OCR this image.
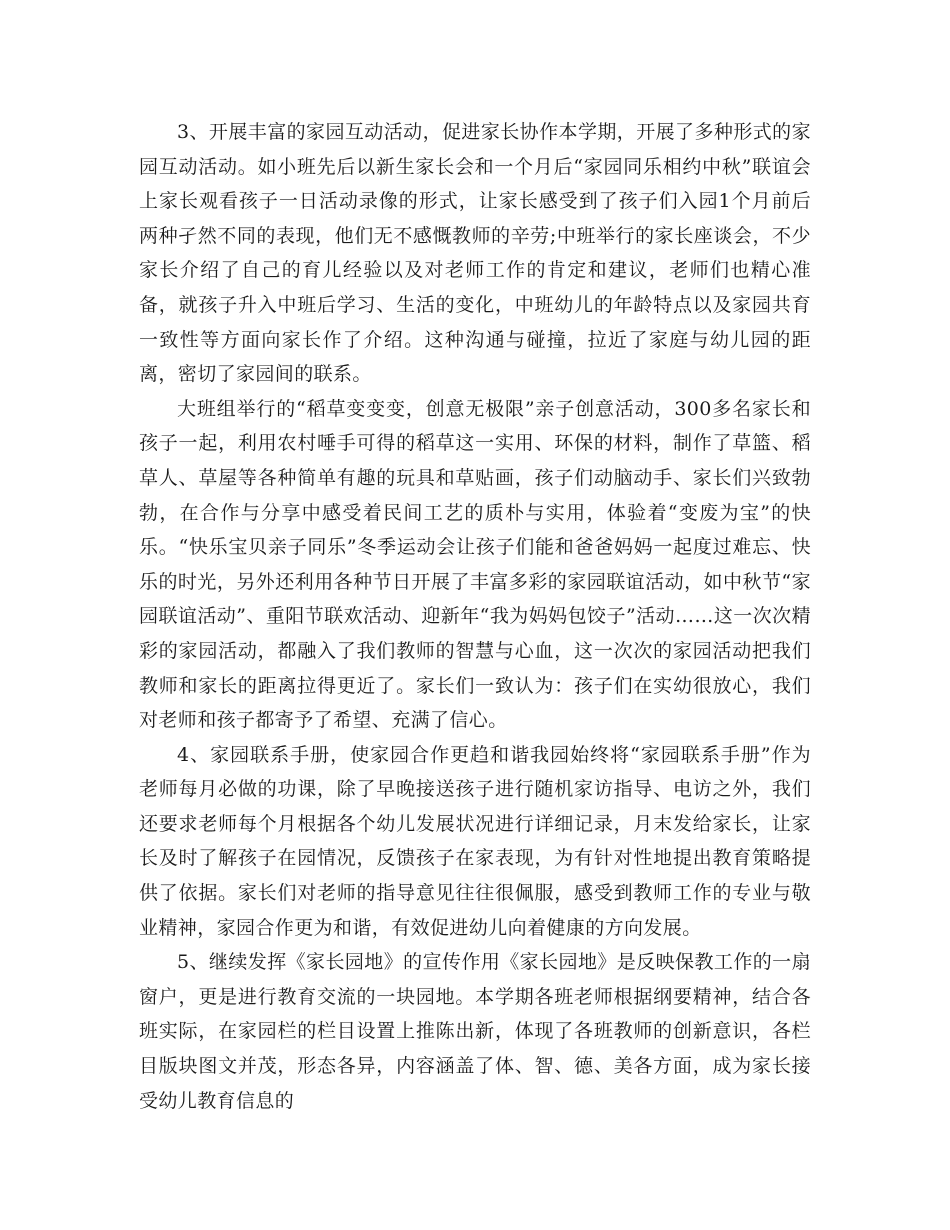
3、开展丰富的家园互动活动，促进家长协作本学期，开展了多种形式的家园互动活动。如小班先后以新生家长会和一个月后“家园同乐相约中秋”联谊会上家长观看孩子一日活动录像的形式，让家长感受到了孩子们入园1个月前后两种孑然不同的表现，他们无不感慨教师的辛劳;中班举行的家长座谈会，不少家长介绍了自己的育儿经验以及对老师工作的肯定和建议，老师们也精心准备，就孩子升入中班后学习、生活的变化，中班幼儿的年龄特点以及家园共育一致性等方面向家长作了介绍。这种沟通与碰撞，拉近了家庭与幼儿园的距离，密切了家园间的联系。

大班组举行的“稻草变变变，创意无极限”亲子创意活动，300多名家长和孩子一起，利用农村唾手可得的稻草这一实用、环保的材料，制作了草篮、稻草人、草屋等各种简单有趣的玩具和草贴画，孩子们动脑动手、家长们兴致勃勃，在合作与分享中感受着民间工艺的质朴与实用，体验着“变废为宝”的快乐。“快乐宝贝亲子同乐”冬季运动会让孩子们能和爸爸妈妈一起度过难忘、快乐的时光，另外还利用各种节日开展了丰富多彩的家园联谊活动，如中秋节“家园联谊活动”、重阳节联欢活动、迎新年“我为妈妈包饺子”活动……这一次次精彩的家园活动，都融入了我们教师的智慧与心血，这一次次的家园活动把我们教师和家长的距离拉得更近了。家长们一致认为：孩子们在实幼很放心，我们对老师和孩子都寄予了希望、充满了信心。

4、家园联系手册，使家园合作更趋和谐我园始终将“家园联系手册”作为老师每月必做的功课，除了早晚接送孩子进行随机家访指导、电访之外，我们还要求老师每个月根据各个幼儿发展状况进行详细记录，月末发给家长，让家长及时了解孩子在园情况，反馈孩子在家表现，为有针对性地提出教育策略提供了依据。家长们对老师的指导意见往往很佩服，感受到教师工作的专业与敬业精神，家园合作更为和谐，有效促进幼儿向着健康的方向发展。

5、继续发挥《家长园地》的宣传作用《家长园地》是反映保教工作的一扇窗户，更是进行教育交流的一块园地。本学期各班老师根据纲要精神，结合各班实际，在家园栏的栏目设置上推陈出新，体现了各班教师的创新意识，各栏目版块图文并茂，形态各异，内容涵盖了体、智、德、美各方面，成为家长接受幼儿教育信息的
